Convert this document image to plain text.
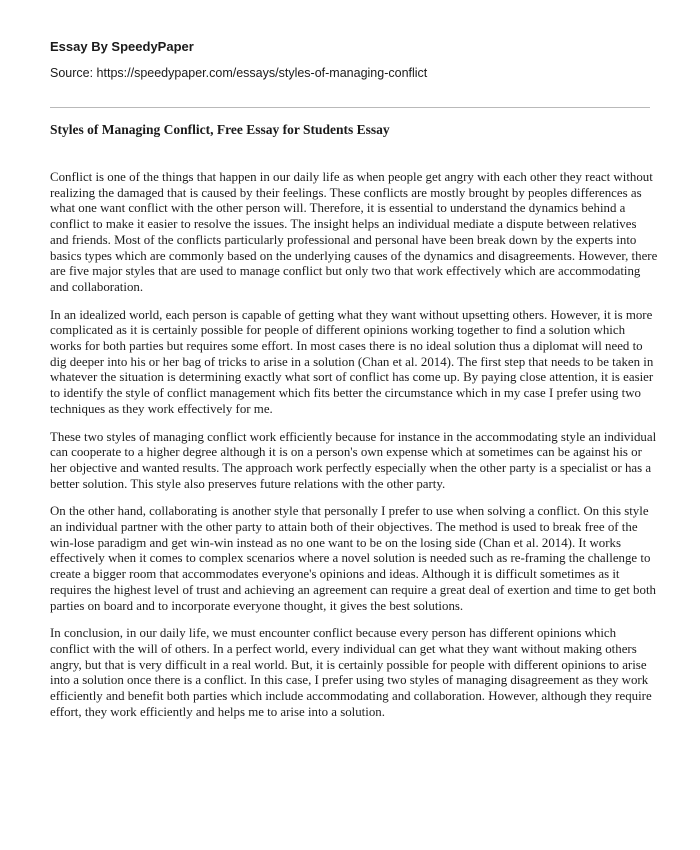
Essay By SpeedyPaper

Source: https://speedypaper.com/essays/styles-of-managing-conflict

Styles of Managing Conflict, Free Essay for Students Essay

Conflict is one of the things that happen in our daily life as when people get angry with each other they react without realizing the damaged that is caused by their feelings. These conflicts are mostly brought by peoples differences as what one want conflict with the other person will. Therefore, it is essential to understand the dynamics behind a conflict to make it easier to resolve the issues. The insight helps an individual mediate a dispute between relatives and friends. Most of the conflicts particularly professional and personal have been break down by the experts into basics types which are commonly based on the underlying causes of the dynamics and disagreements. However, there are five major styles that are used to manage conflict but only two that work effectively which are accommodating and collaboration.

In an idealized world, each person is capable of getting what they want without upsetting others. However, it is more complicated as it is certainly possible for people of different opinions working together to find a solution which works for both parties but requires some effort. In most cases there is no ideal solution thus a diplomat will need to dig deeper into his or her bag of tricks to arise in a solution (Chan et al. 2014). The first step that needs to be taken in whatever the situation is determining exactly what sort of conflict has come up. By paying close attention, it is easier to identify the style of conflict management which fits better the circumstance which in my case I prefer using two techniques as they work effectively for me.

These two styles of managing conflict work efficiently because for instance in the accommodating style an individual can cooperate to a higher degree although it is on a person's own expense which at sometimes can be against his or her objective and wanted results. The approach work perfectly especially when the other party is a specialist or has a better solution. This style also preserves future relations with the other party.

On the other hand, collaborating is another style that personally I prefer to use when solving a conflict. On this style an individual partner with the other party to attain both of their objectives. The method is used to break free of the win-lose paradigm and get win-win instead as no one want to be on the losing side (Chan et al. 2014). It works effectively when it comes to complex scenarios where a novel solution is needed such as re-framing the challenge to create a bigger room that accommodates everyone's opinions and ideas. Although it is difficult sometimes as it requires the highest level of trust and achieving an agreement can require a great deal of exertion and time to get both parties on board and to incorporate everyone thought, it gives the best solutions.

In conclusion, in our daily life, we must encounter conflict because every person has different opinions which conflict with the will of others. In a perfect world, every individual can get what they want without making others angry, but that is very difficult in a real world. But, it is certainly possible for people with different opinions to arise into a solution once there is a conflict. In this case, I prefer using two styles of managing disagreement as they work efficiently and benefit both parties which include accommodating and collaboration. However, although they require effort, they work efficiently and helps me to arise into a solution.
